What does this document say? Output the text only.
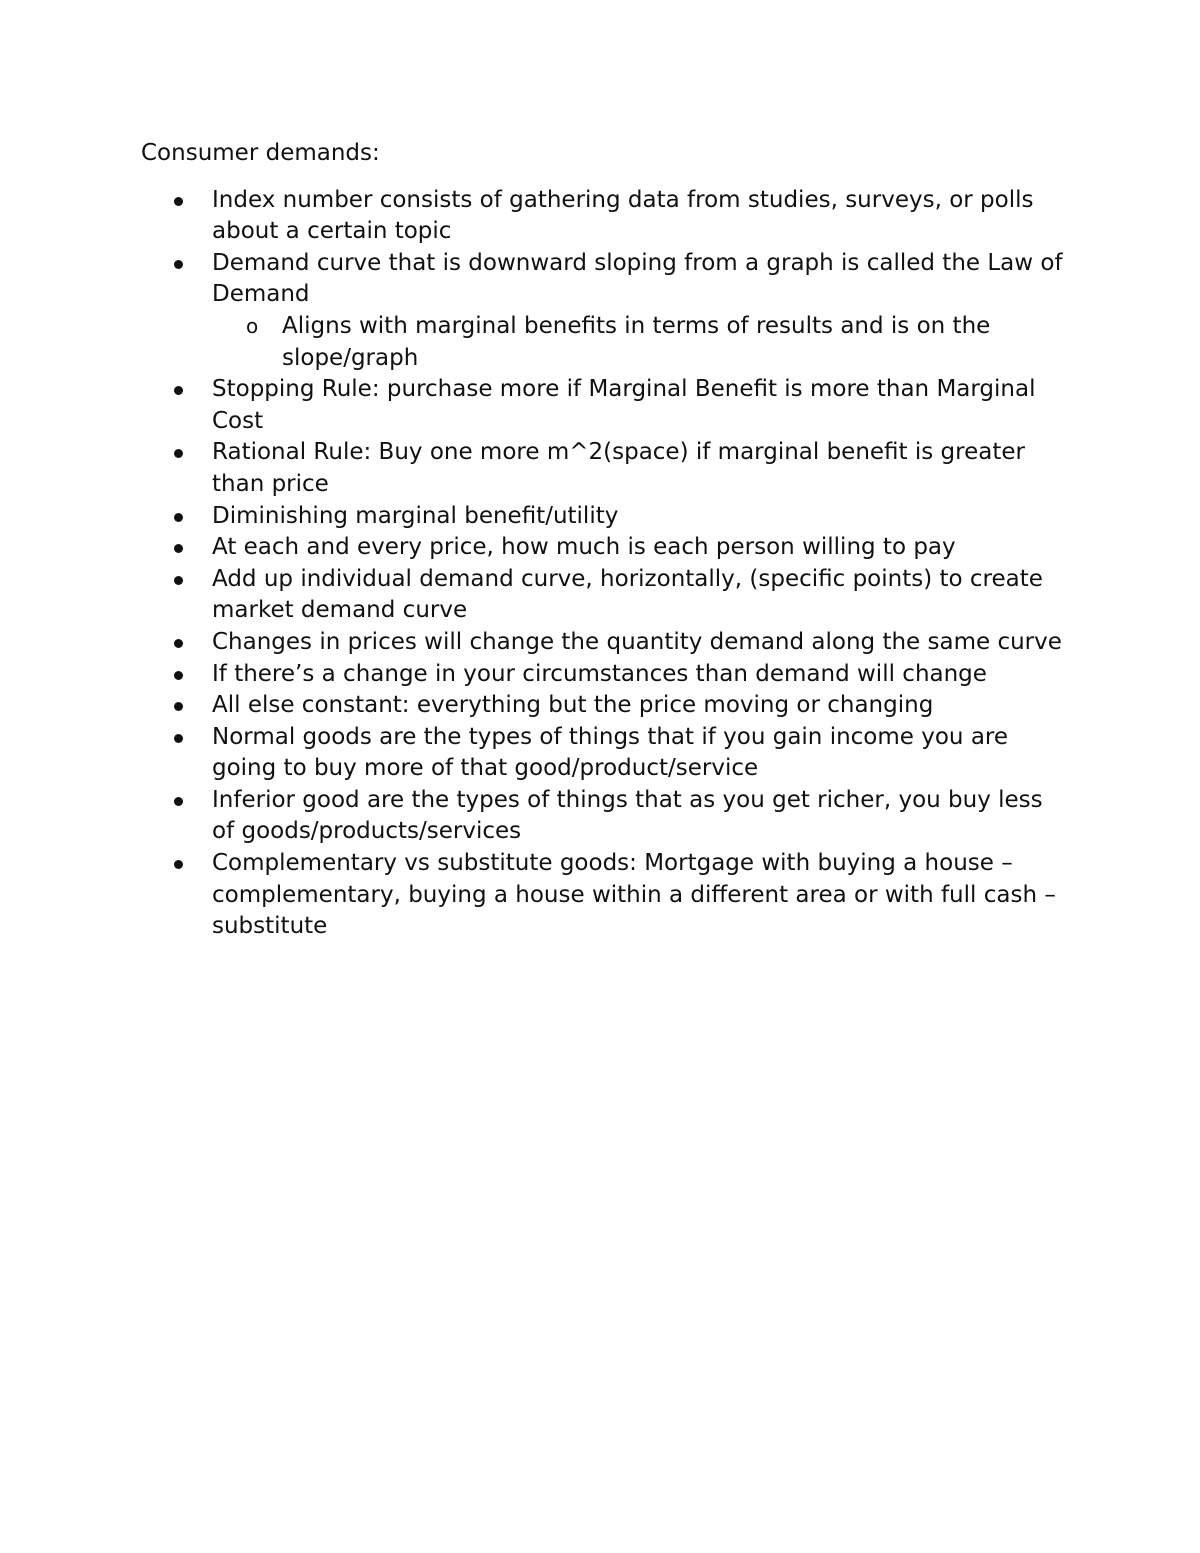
Consumer demands:

Index number consists of gathering data from studies, surveys, or polls about a certain topic
Demand curve that is downward sloping from a graph is called the Law of Demand
o Aligns with marginal benefits in terms of results and is on the slope/graph
Stopping Rule: purchase more if Marginal Benefit is more than Marginal Cost
Rational Rule: Buy one more m^2(space) if marginal benefit is greater than price
Diminishing marginal benefit/utility
At each and every price, how much is each person willing to pay
Add up individual demand curve, horizontally, (specific points) to create market demand curve
Changes in prices will change the quantity demand along the same curve
If there’s a change in your circumstances than demand will change
All else constant: everything but the price moving or changing
Normal goods are the types of things that if you gain income you are going to buy more of that good/product/service
Inferior good are the types of things that as you get richer, you buy less of goods/products/services
Complementary vs substitute goods: Mortgage with buying a house – complementary, buying a house within a different area or with full cash – substitute
